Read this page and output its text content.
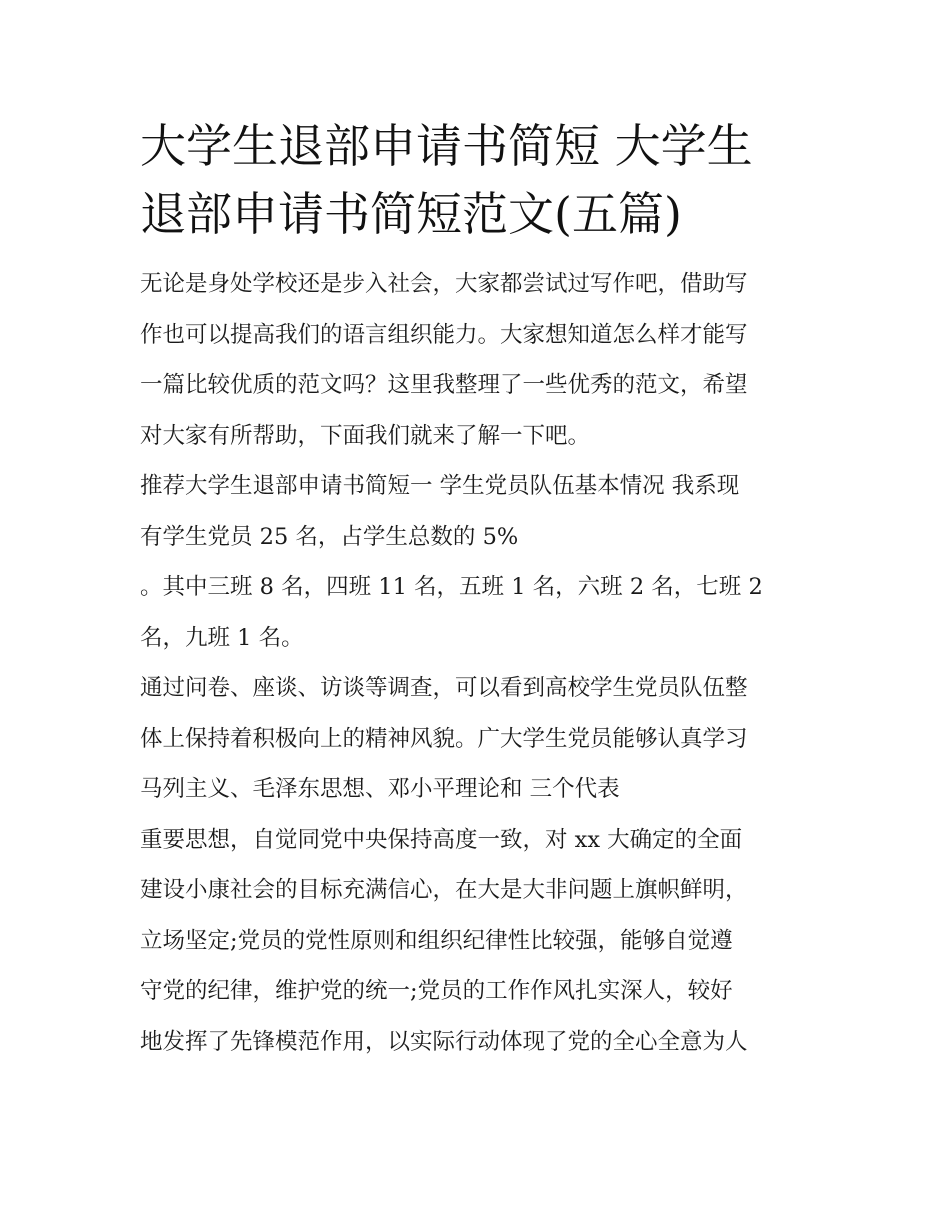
大学生退部申请书简短 大学生
退部申请书简短范文(五篇)

无论是身处学校还是步入社会，大家都尝试过写作吧，借助写
作也可以提高我们的语言组织能力。大家想知道怎么样才能写
一篇比较优质的范文吗？这里我整理了一些优秀的范文，希望
对大家有所帮助，下面我们就来了解一下吧。

推荐大学生退部申请书简短一 学生党员队伍基本情况 我系现
有学生党员 25 名，占学生总数的 5%

。其中三班 8 名，四班 11 名，五班 1 名，六班 2 名，七班 2
名，九班 1 名。

通过问卷、座谈、访谈等调查，可以看到高校学生党员队伍整
体上保持着积极向上的精神风貌。广大学生党员能够认真学习
马列主义、毛泽东思想、邓小平理论和 三个代表

重要思想，自觉同党中央保持高度一致，对 xx 大确定的全面
建设小康社会的目标充满信心，在大是大非问题上旗帜鲜明，
立场坚定;党员的党性原则和组织纪律性比较强，能够自觉遵
守党的纪律，维护党的统一;党员的工作作风扎实深人，较好
地发挥了先锋模范作用，以实际行动体现了党的全心全意为人
